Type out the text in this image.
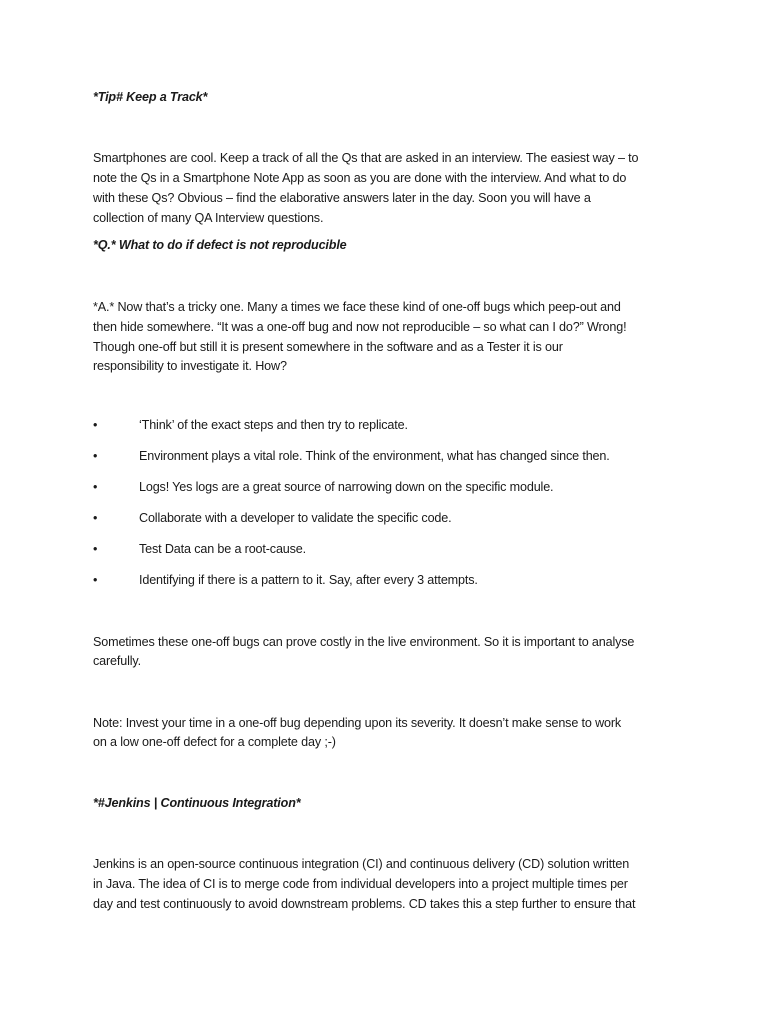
*Tip# Keep a Track*
Smartphones are cool. Keep a track of all the Qs that are asked in an interview. The easiest way – to
note the Qs in a Smartphone Note App as soon as you are done with the interview. And what to do
with these Qs? Obvious – find the elaborative answers later in the day. Soon you will have a
collection of many QA Interview questions.
*Q.* What to do if defect is not reproducible
*A.* Now that’s a tricky one. Many a times we face these kind of one-off bugs which peep-out and
then hide somewhere. “It was a one-off bug and now not reproducible – so what can I do?” Wrong!
Though one-off but still it is present somewhere in the software and as a Tester it is our
responsibility to investigate it. How?
•	‘Think’ of the exact steps and then try to replicate.
•	Environment plays a vital role. Think of the environment, what has changed since then.
•	Logs! Yes logs are a great source of narrowing down on the specific module.
•	Collaborate with a developer to validate the specific code.
•	Test Data can be a root-cause.
•	Identifying if there is a pattern to it. Say, after every 3 attempts.
Sometimes these one-off bugs can prove costly in the live environment. So it is important to analyse
carefully.
Note: Invest your time in a one-off bug depending upon its severity. It doesn’t make sense to work
on a low one-off defect for a complete day ;-)
*#Jenkins | Continuous Integration*
Jenkins is an open-source continuous integration (CI) and continuous delivery (CD) solution written
in Java. The idea of CI is to merge code from individual developers into a project multiple times per
day and test continuously to avoid downstream problems. CD takes this a step further to ensure that
